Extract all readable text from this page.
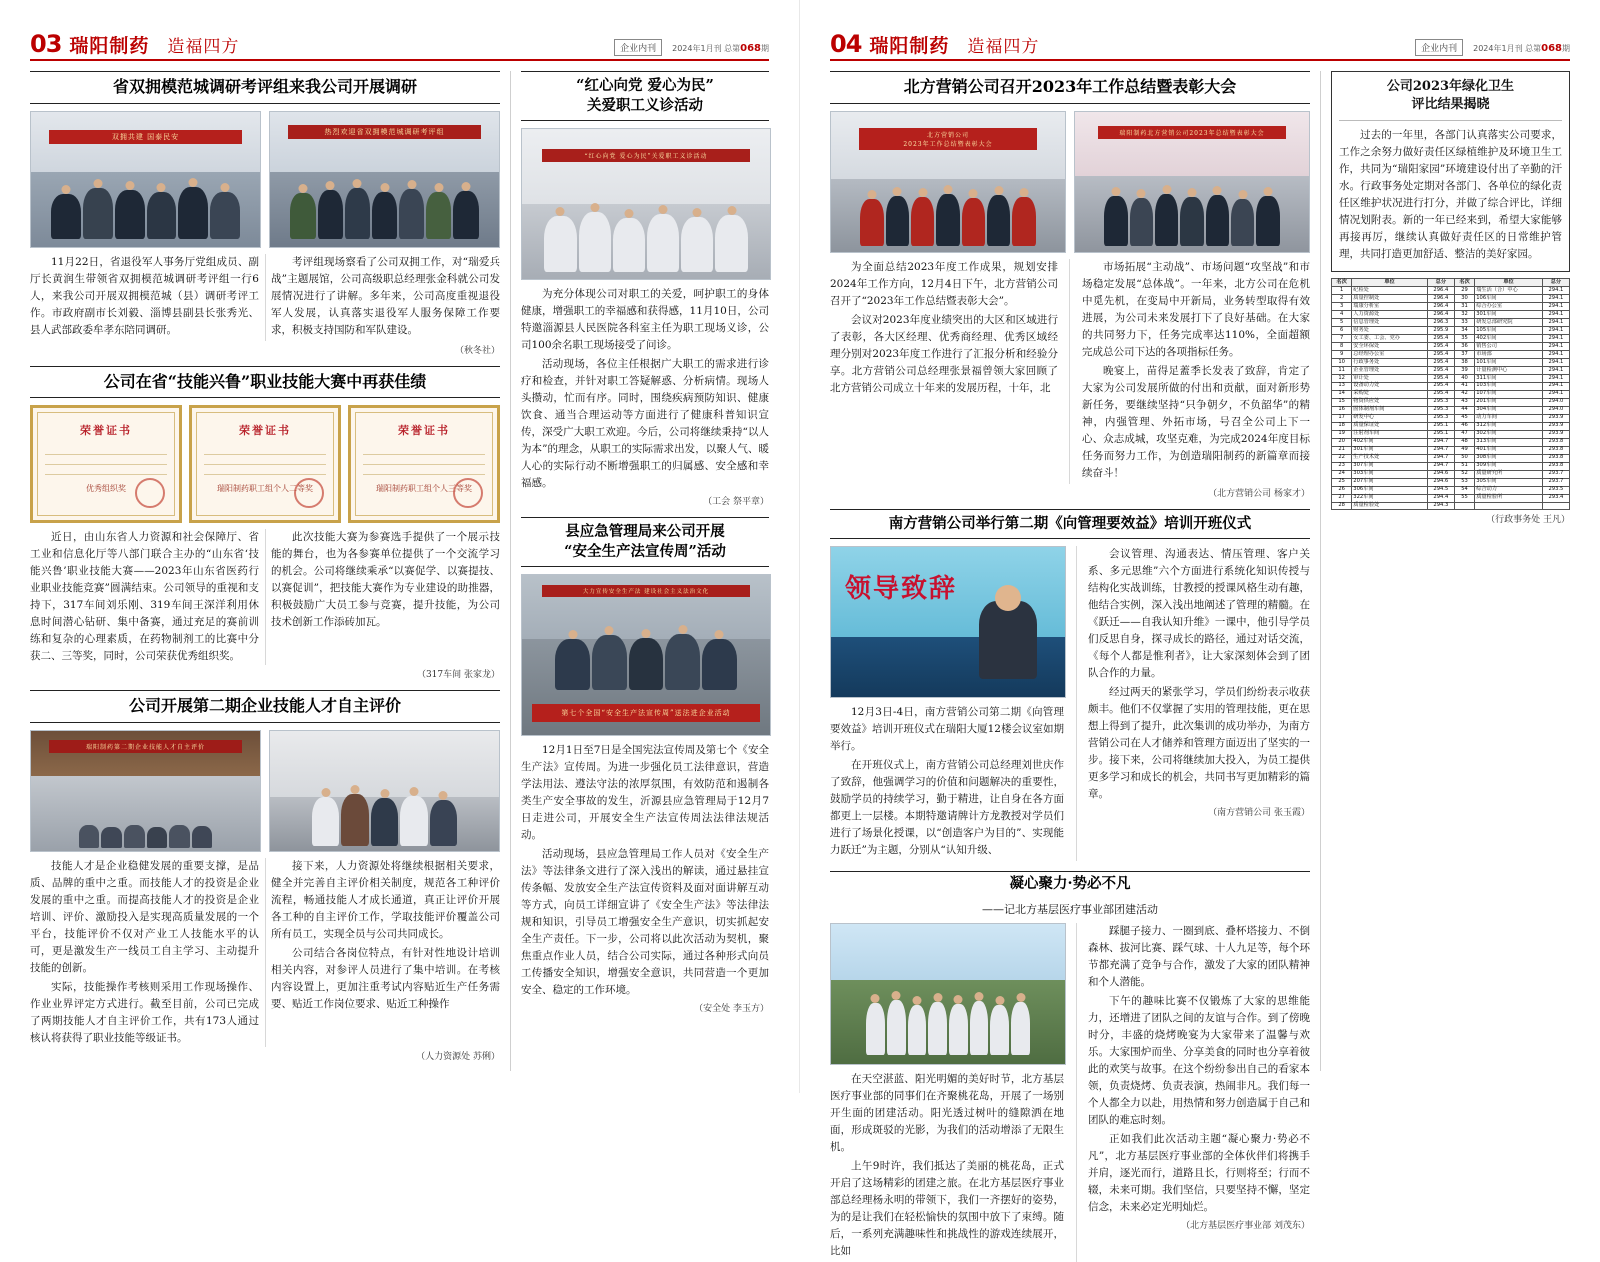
03 瑞阳制药 造福四方	企业内刊	2024年1月刊 总第068期
省双拥模范城调研考评组来我公司开展调研
双拥共建 国泰民安
热烈欢迎省双拥模范城调研考评组

11月22日，省退役军人事务厅党组成员、副厅长黄润生带领省双拥模范城调研考评组一行6人，来我公司开展双拥模范城（县）调研考评工作。市政府副市长刘毅、淄博县副县长张秀光、县人武部政委牟孝东陪同调研。

考评组现场察看了公司双拥工作，对“瑞爱兵战”主题展馆，公司高级职总经理张金科就公司发展情况进行了讲解。多年来，公司高度重视退役军人发展，认真落实退役军人服务保障工作要求，积极支持国防和军队建设。

（秋冬社）
公司在省“技能兴鲁”职业技能大赛中再获佳绩
荣誉证书
优秀组织奖
荣誉证书
瑞阳制药职工组个人二等奖
荣誉证书
瑞阳制药职工组个人三等奖

近日，由山东省人力资源和社会保障厅、省工业和信息化厅等八部门联合主办的“山东省‘技能兴鲁’职业技能大赛——2023年山东省医药行业职业技能竞赛”圆满结束。公司领导的重视和支持下，317车间刘乐刚、319车间王深洋利用休息时间潜心钻研、集中备赛，通过充足的赛前训练和复杂的心理素质，在药物制剂工的比赛中分获二、三等奖，同时，公司荣获优秀组织奖。

此次技能大赛为参赛选手提供了一个展示技能的舞台，也为各参赛单位提供了一个交流学习的机会。公司将继续乘承“以赛促学、以赛提技、以赛促训”，把技能大赛作为专业建设的助推器，积极鼓励广大员工参与竞赛，提升技能，为公司技术创新工作添砖加瓦。

（317车间 张家龙）
公司开展第二期企业技能人才自主评价
瑞阳制药第二期企业技能人才自主评价

技能人才是企业稳健发展的重要支撑，是品质、品牌的重中之重。而技能人才的投资是企业发展的重中之重。而提高技能人才的投资是企业培训、评价、激励投入是实现高质量发展的一个平台，技能评价不仅对产业工人技能水平的认可，更是激发生产一线员工自主学习、主动提升技能的创新。

实际，技能操作考核则采用工作现场操作、作业业界评定方式进行。截至目前，公司已完成了两期技能人才自主评价工作，共有173人通过核认将获得了职业技能等级证书。

接下来，人力资源处将继续根据相关要求，健全并完善自主评价相关制度，规范各工种评价流程，畅通技能人才成长通道，真正让评价开展各工种的自主评价工作，学取技能评价覆盖公司所有员工，实现全员与公司共同成长。

公司结合各岗位特点，有针对性地设计培训相关内容，对参评人员进行了集中培训。在考核内容设置上，更加注重考试内容贴近生产任务需要、贴近工作岗位要求、贴近工种操作

（人力资源处 苏俐）
“红心向党 爱心为民”
关爱职工义诊活动
“红心向党 爱心为民”关爱职工义诊活动

为充分体现公司对职工的关爱，呵护职工的身体健康，增强职工的幸福感和获得感，11月10日，公司特邀淄源县人民医院各科室主任为职工现场义诊，公司100余名职工现场接受了问诊。

活动现场，各位主任根据广大职工的需求进行诊疗和检查，并针对职工答疑解惑、分析病情。现场人头攒动，忙而有序。同时，围绕疾病预防知识、健康饮食、通当合理运动等方面进行了健康科普知识宣传，深受广大职工欢迎。今后，公司将继续秉持“以人为本”的理念，从职工的实际需求出发，以聚人气、暖人心的实际行动不断增强职工的归属感、安全感和幸福感。

（工会 祭平章）
县应急管理局来公司开展
“安全生产法宣传周”活动
大力宣传安全生产法 建设社会主义法治文化
第七个全国“安全生产法宣传周”送法进企业活动

12月1日至7日是全国宪法宣传周及第七个《安全生产法》宣传周。为进一步强化员工法律意识，营造学法用法、遵法守法的浓厚氛围，有效防范和遏制各类生产安全事故的发生，沂源县应急管理局于12月7日走进公司，开展安全生产法宣传周法法律法规活动。

活动现场，县应急管理局工作人员对《安全生产法》等法律条文进行了深入浅出的解读，通过悬挂宣传条幅、发放安全生产法宣传资料及面对面讲解互动等方式，向员工详细宣讲了《安全生产法》等法律法规和知识，引导员工增强安全生产意识，切实抓起安全生产责任。下一步，公司将以此次活动为契机，聚焦重点作业人员，结合公司实际，通过各种形式向员工传播安全知识，增强安全意识，共同营造一个更加安全、稳定的工作环境。

（安全处 李玉方）
04 瑞阳制药 造福四方	企业内刊	2024年1月刊 总第068期
北方营销公司召开2023年工作总结暨表彰大会
北方营销公司
2023年工作总结暨表彰大会
瑞阳制药北方营销公司2023年总结暨表彰大会

为全面总结2023年度工作成果，规划安排2024年工作方向，12月4日下午，北方营销公司召开了“2023年工作总结暨表彰大会”。

会议对2023年度业绩突出的大区和区域进行了表彰，各大区经理、优秀商经理、优秀区域经理分别对2023年度工作进行了汇报分析和经验分享。北方营销公司总经理张景福曾领大家回顾了北方营销公司成立十年来的发展历程，十年，北

市场拓展“主动战”、市场问题“攻坚战”和市场稳定发展“总体战”。一年来，北方公司在危机中觅先机，在变局中开新局，业务转型取得有效进展，为公司未来发展打下了良好基础。在大家的共同努力下，任务完成率达110%，全面超额完成总公司下达的各项指标任务。

晚宴上，苗得足蓋季长发表了致辞，肯定了大家为公司发展所做的付出和贡献，面对新形势新任务，要继续坚持“只争朝夕，不负韶华”的精神，内强管理、外拓市场，号召全公司上下一心、众志成城，攻坚克难，为完成2024年度目标任务而努力工作，为创造瑞阳制药的新篇章而接续奋斗！

（北方营销公司 杨家才）
南方营销公司举行第二期《向管理要效益》培训开班仪式
领导致辞

12月3日-4日，南方营销公司第二期《向管理要效益》培训开班仪式在瑞阳大厦12楼会议室如期举行。

在开班仪式上，南方营销公司总经理刘世庆作了致辞，他强调学习的价值和问题解决的重要性，鼓励学员的持续学习，勤于精进，让自身在各方面都更上一层楼。本期特邀请牌计方龙教授对学员们进行了场景化授课，以“创造客户为目的”、实现能力跃迁”为主题，分别从“认知升级、

会议管理、沟通表达、情压管理、客户关系、多元思维”六个方面进行系统化知识传授与结构化实战训练，甘教授的授课风格生动有趣，他结合实例，深入浅出地阐述了管理的精髓。在《跃迁——自我认知升维》一课中，他引导学员们反思自身，探寻成长的路径，通过对话交流，《每个人都是惟利者》，让大家深刻体会到了团队合作的力量。

经过两天的紧张学习，学员们纷纷表示收获颇丰。他们不仅掌握了实用的管理技能，更在思想上得到了提升，此次集训的成功举办，为南方营销公司在人才储养和管理方面迈出了坚实的一步。接下来，公司将继续加大投入，为员工提供更多学习和成长的机会，共同书写更加精彩的篇章。

（南方营销公司 张玉霞）
凝心聚力·势必不凡
——记北方基层医疗事业部团建活动

在天空湛蓝、阳光明媚的美好时节，北方基层医疗事业部的同事们在齐聚桃花岛，开展了一场别开生面的团建活动。阳光透过树叶的缝隙洒在地面，形成斑驳的光影，为我们的活动增添了无限生机。

上午9时许，我们抵达了美丽的桃花岛，正式开启了这场精彩的团建之旅。在北方基层医疗事业部总经理杨永明的带领下，我们一齐摆好的姿势，为的是让我们在轻松愉快的氛围中放下了束缚。随后，一系列充满趣味性和挑战性的游戏连续展开，比如

踩腿子接力、一圈到底、叠杯塔接力、不倒森林、拔河比赛、踩气球、十人九足等，每个环节都充满了竞争与合作，激发了大家的团队精神和个人潜能。

下午的趣味比赛不仅锻炼了大家的思维能力，还增进了团队之间的友谊与合作。到了傍晚时分，丰盛的烧烤晚宴为大家带来了温馨与欢乐。大家围炉而坐、分享美食的同时也分享着彼此的欢笑与故事。在这个纷纷参出自己的看家本领，负责烧烤、负责表演，热闹非凡。我们每一个人都全力以赴，用热情和努力创造属于自己和团队的难忘时刻。

正如我们此次活动主题“凝心聚力·势必不凡”，北方基层医疗事业部的全体伙伴们将携手并肩，逐光而行，道路且长，行则将至；行而不辍，未来可期。我们坚信，只要坚持不懈，坚定信念，未来必定光明灿烂。

（北方基层医疗事业部 刘茂东）
公司2023年绿化卫生
评比结果揭晓

过去的一年里，各部门认真落实公司要求，工作之余努力做好责任区绿植维护及环境卫生工作，共同为“瑞阳家园”环境建设付出了辛勤的汗水。行政事务处定期对各部门、各单位的绿化责任区维护状况进行打分，并做了综合评比，详细情况划附表。新的一年已经来到，希望大家能够再接再厉，继续认真做好责任区的日常维护管理，共同打造更加舒适、整洁的美好家园。

名次	单位	总分	名次	单位	总分
1	纪检处	296.4	29	瑞生活（合）中心	294.1
2	质量控制处	296.4	30	106车间	294.1
3	瑞康分析室	296.4	31	综合办公室	294.1
4	人力资源处	296.4	32	301车间	294.1
5	信息管理处	296.3	33	研发总部研究院	294.1
6	财务处	295.9	34	105车间	294.1
7	女工委、工会、党办	295.4	35	402车间	294.1
8	安全环保处	295.4	36	销售公司	294.1
9	总经理办公室	295.4	37	市场部	294.1
10	行政事务处	295.4	38	101车间	294.1
11	企业管理处	295.4	39	计量检测中心	294.1
12	审计处	295.4	40	311车间	294.1
13	设备动力处	295.4	41	103车间	294.1
14	采购处	295.4	42	107车间	294.1
15	物资供应处	295.3	43	201车间	294.0
16	固体制剂车间	295.3	44	304车间	294.0
17	研发中心	295.3	45	动力车间	293.9
18	质量保证处	295.1	46	312车间	293.9
19	注射剂车间	295.1	47	302车间	293.9
20	402车间	294.7	48	313车间	293.8
21	301车间	294.7	49	401车间	293.8
22	生产技术处	294.7	50	308车间	293.8
23	307车间	294.7	51	309车间	293.8
24	303车间	294.6	52	质量研究所	293.7
25	207车间	294.6	53	305车间	293.7
26	306车间	294.5	54	综合动力	293.5
27	322车间	294.4	55	质量检验所	293.4
28	质量检验处	294.3			
（行政事务处 王凡）
